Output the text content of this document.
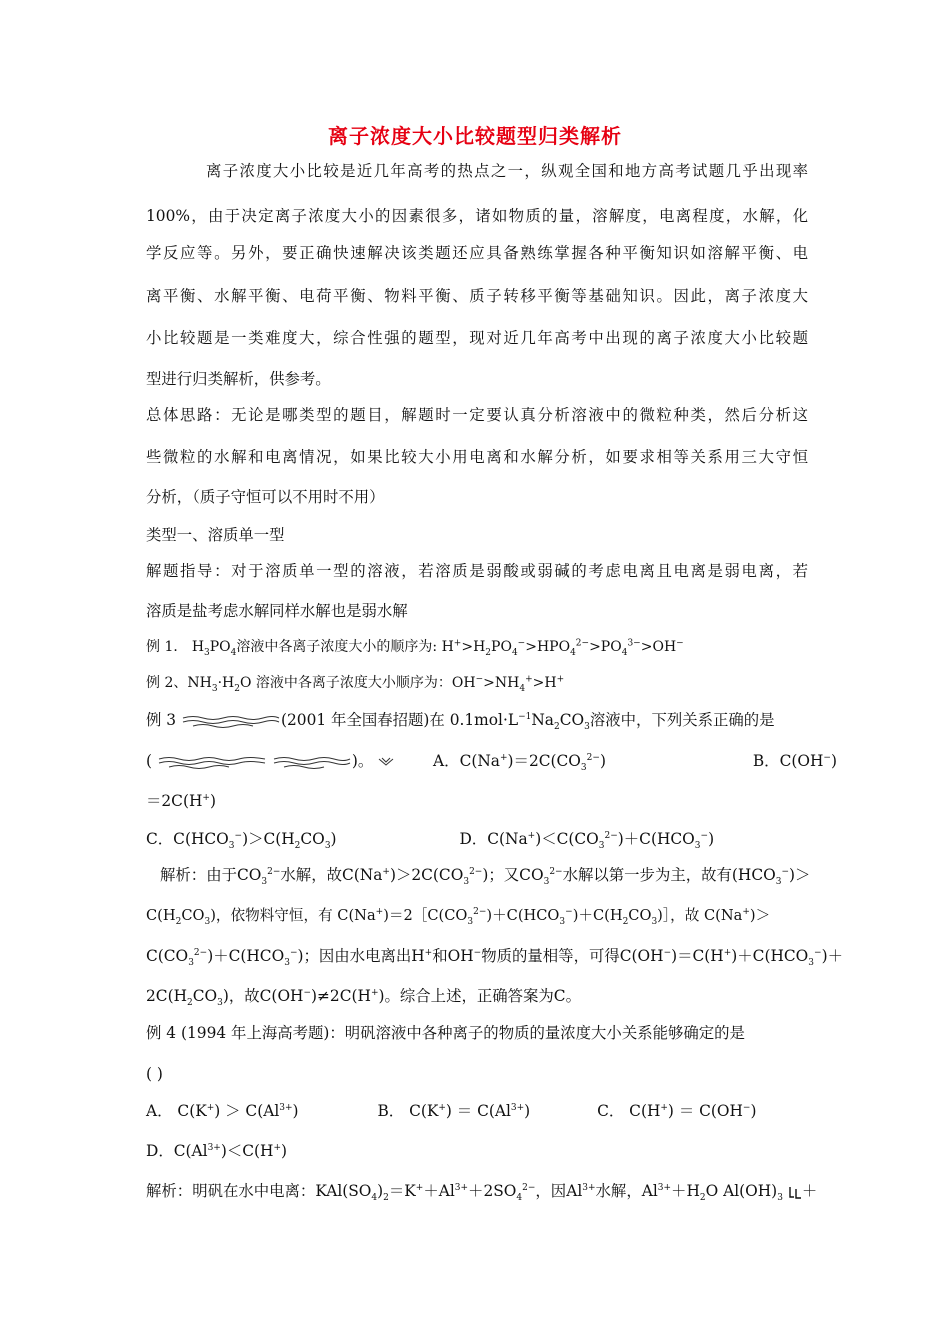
离子浓度大小比较题型归类解析
离子浓度大小比较是近几年高考的热点之一，纵观全国和地方高考试题几乎出现率
100%，由于决定离子浓度大小的因素很多，诸如物质的量，溶解度，电离程度，水解，化
学反应等。另外，要正确快速解决该类题还应具备熟练掌握各种平衡知识如溶解平衡、电
离平衡、水解平衡、电荷平衡、物料平衡、质子转移平衡等基础知识。因此，离子浓度大
小比较题是一类难度大，综合性强的题型，现对近几年高考中出现的离子浓度大小比较题
型进行归类解析，供参考。
总体思路：无论是哪类型的题目，解题时一定要认真分析溶液中的微粒种类，然后分析这
些微粒的水解和电离情况，如果比较大小用电离和水解分析，如要求相等关系用三大守恒
分析，（质子守恒可以不用时不用）
类型一、溶质单一型
解题指导：对于溶质单一型的溶液，若溶质是弱酸或弱碱的考虑电离且电离是弱电离，若
溶质是盐考虑水解同样水解也是弱水解
例 1． $H_3PO_4$溶液中各离子浓度大小的顺序为: $H^+>H_2PO_4^->HPO_4^{2-}>PO_4^{3-}>OH^-$
例 2、$NH_3\cdot H_2O$ 溶液中各离子浓度大小顺序为：$OH^->NH_4^+>H^+$
例 3	(2001 年全国春招题)在 $0.1mol\cdot L^{-1}Na_2CO_3$溶液中，下列关系正确的是
(	)。	A．$C(Na^+)=2C(CO_3^{2-})$	B．C(OH−)
＝2C(H+)
C．$C(HCO_3^-)>C(H_2CO_3)$	D．$C(Na^+)<C(CO_3^{2-})+C(HCO_3^-)$
解析：由于$CO_3^{2-}$水解，故$C(Na^+)>2C(CO_3^{2-})$；又$CO_3^{2-}$水解以第一步为主，故有$(HCO_3^-)>$
$C(H_2CO_3)$，依物料守恒，有 $C(Na^+)=2[C(CO_3^{2-})+C(HCO_3^-)+C(H_2CO_3)]$，故 C(Na+)＞
$C(CO_3^{2-})+C(HCO_3^-)$；因由水电离出H+和OH−物质的量相等，可得$C(OH^-)=C(H^+)+C(HCO_3^-)+$
$2C(H_2CO_3)$，故C(OH−)≠2C(H+)。综合上述，正确答案为C。
例 4 (1994 年上海高考题)：明矾溶液中各种离子的物质的量浓度大小关系能够确定的是
( )
A． $C(K^+) > C(Al^{3+})$	B． $C(K^+) = C(Al^{3+})$	C． C(H+) ＝ C(OH−)
D．$C(Al^{3+})<C(H^+)$
解析：明矾在水中电离：$KAl(SO_4)_2=K^++Al^{3+}+2SO_4^{2-}$，因$Al^{3+}$水解，$Al^{3+}+H_2O$ $Al(OH)_3$ ＋
